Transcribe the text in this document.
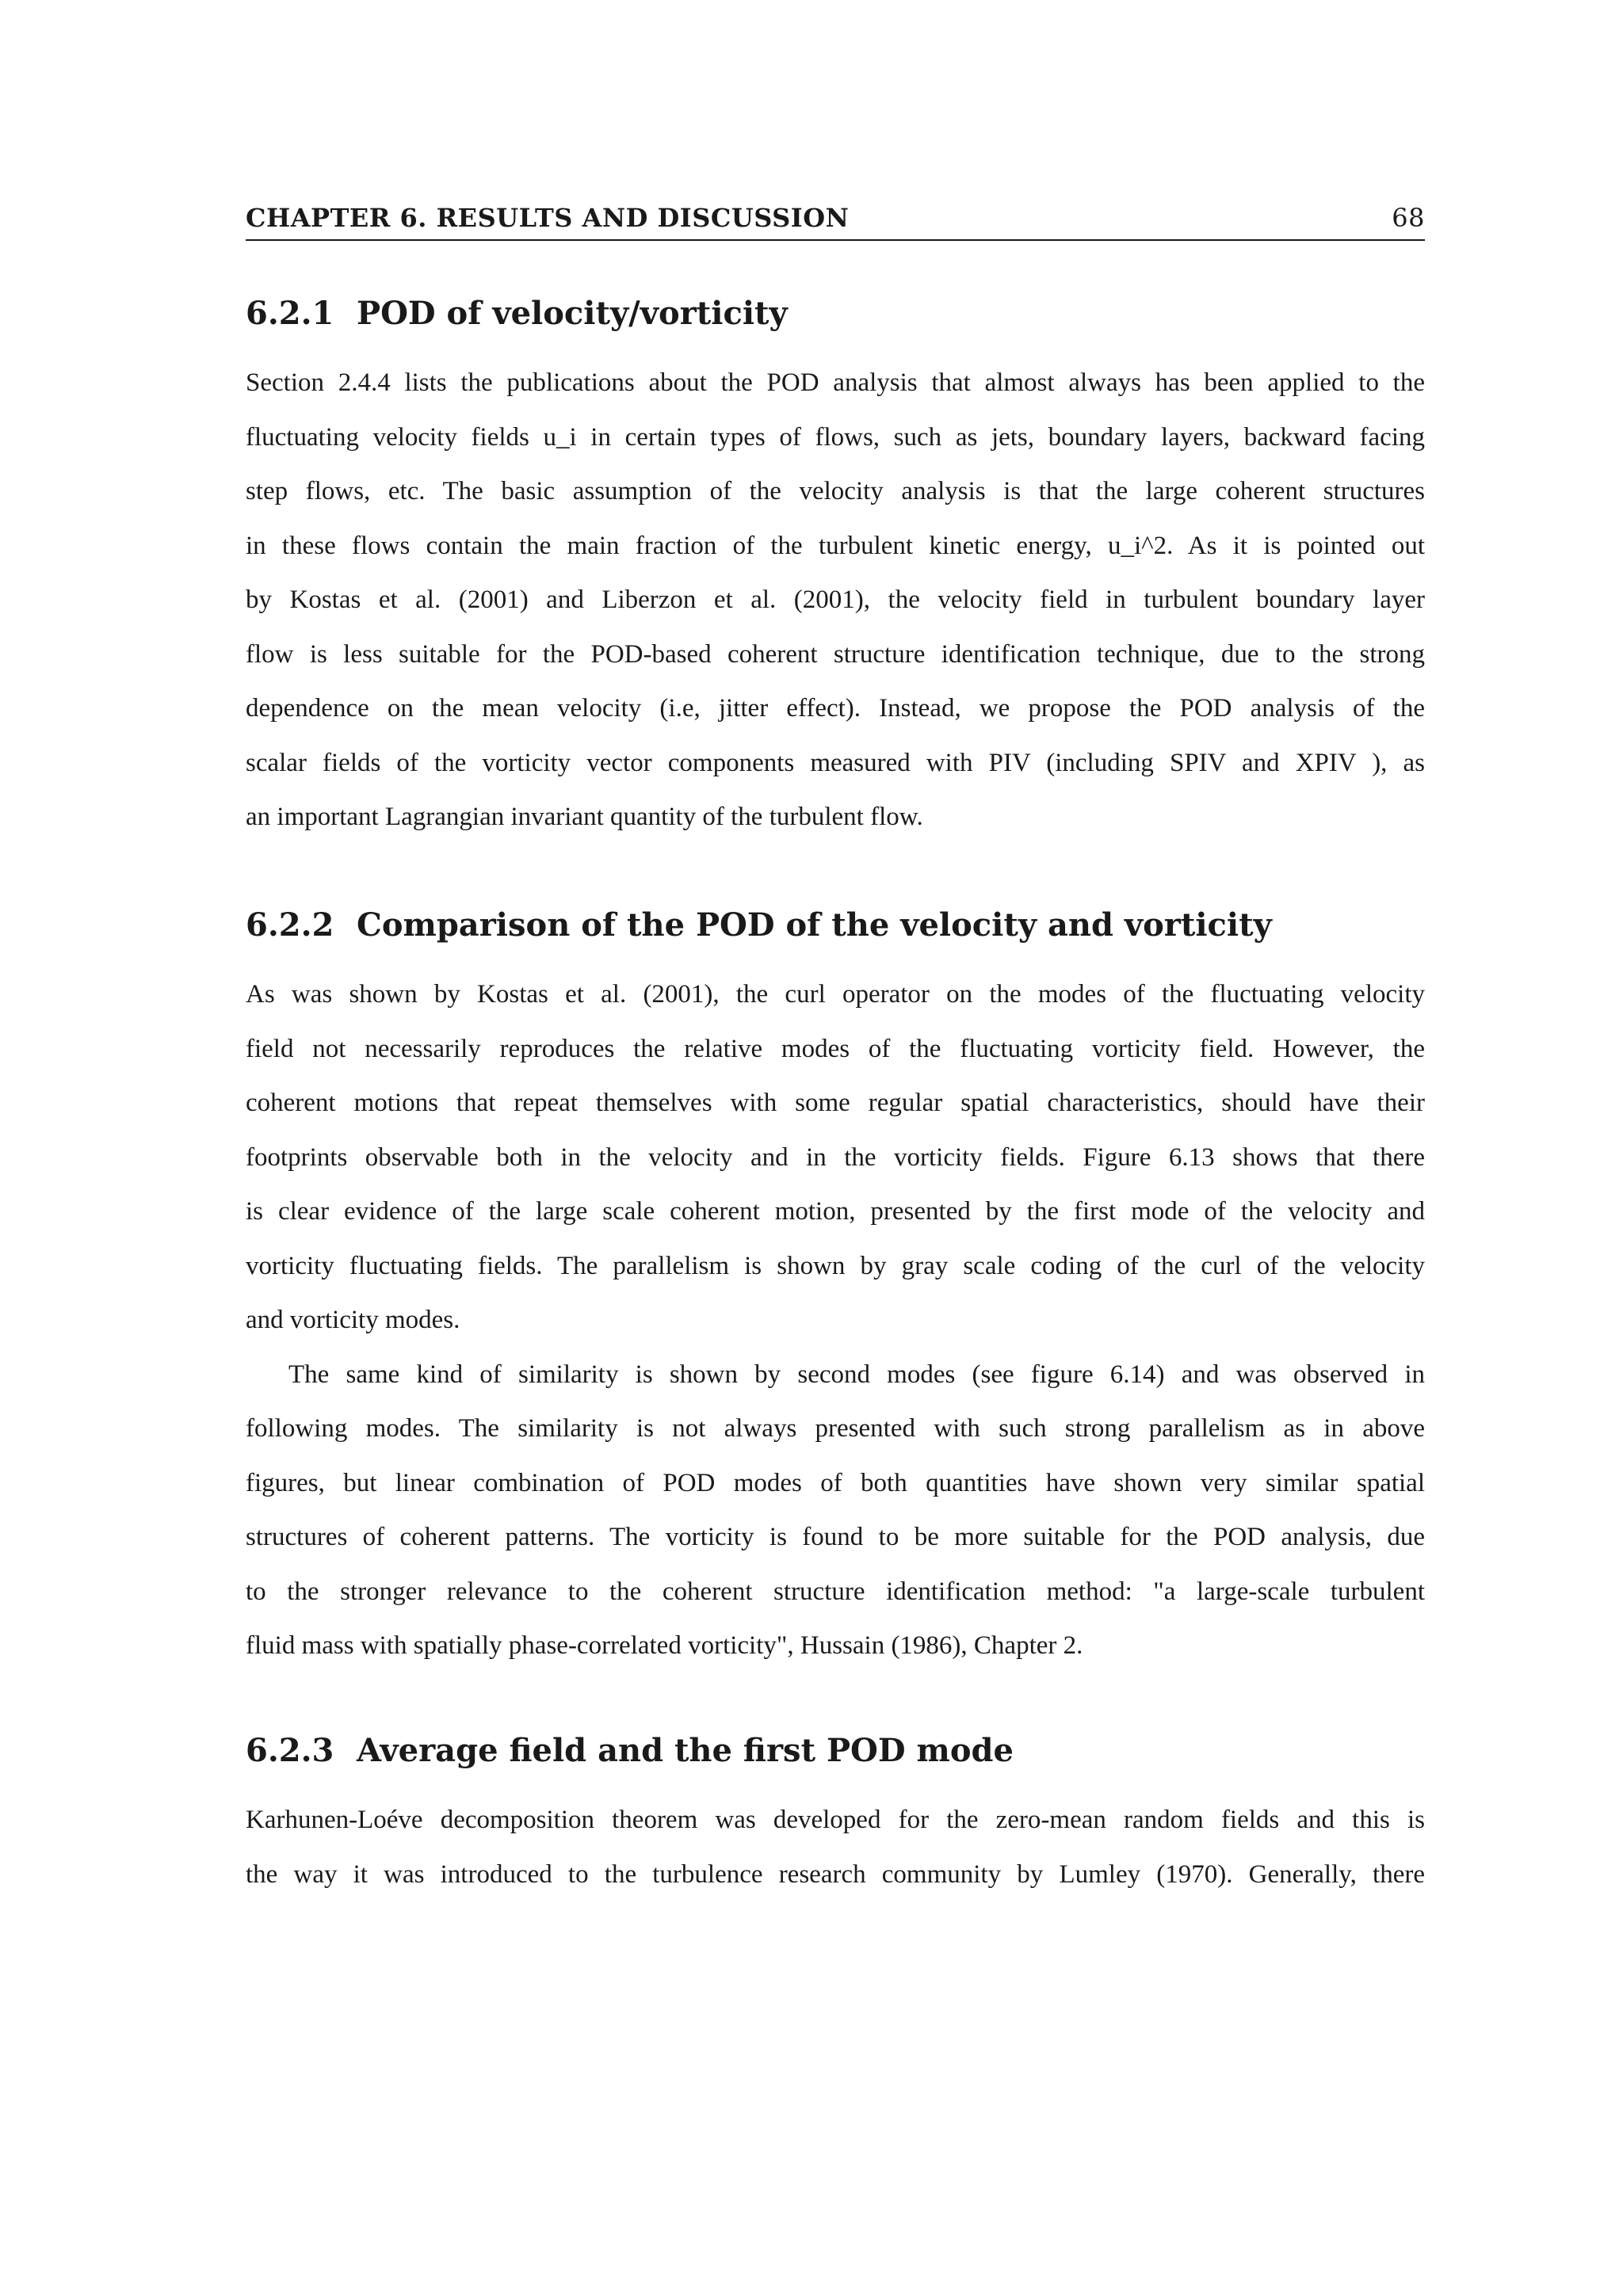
CHAPTER 6. RESULTS AND DISCUSSION	68
6.2.1 POD of velocity/vorticity
Section 2.4.4 lists the publications about the POD analysis that almost always has been applied to the
fluctuating velocity fields u_i in certain types of flows, such as jets, boundary layers, backward facing
step flows, etc. The basic assumption of the velocity analysis is that the large coherent structures
in these flows contain the main fraction of the turbulent kinetic energy, u_i^2. As it is pointed out
by Kostas et al. (2001) and Liberzon et al. (2001), the velocity field in turbulent boundary layer
flow is less suitable for the POD-based coherent structure identification technique, due to the strong
dependence on the mean velocity (i.e, jitter effect). Instead, we propose the POD analysis of the
scalar fields of the vorticity vector components measured with PIV (including SPIV and XPIV ), as
an important Lagrangian invariant quantity of the turbulent flow.
6.2.2 Comparison of the POD of the velocity and vorticity
As was shown by Kostas et al. (2001), the curl operator on the modes of the fluctuating velocity
field not necessarily reproduces the relative modes of the fluctuating vorticity field. However, the
coherent motions that repeat themselves with some regular spatial characteristics, should have their
footprints observable both in the velocity and in the vorticity fields. Figure 6.13 shows that there
is clear evidence of the large scale coherent motion, presented by the first mode of the velocity and
vorticity fluctuating fields. The parallelism is shown by gray scale coding of the curl of the velocity
and vorticity modes.
The same kind of similarity is shown by second modes (see figure 6.14) and was observed in
following modes. The similarity is not always presented with such strong parallelism as in above
figures, but linear combination of POD modes of both quantities have shown very similar spatial
structures of coherent patterns. The vorticity is found to be more suitable for the POD analysis, due
to the stronger relevance to the coherent structure identification method: "a large-scale turbulent
fluid mass with spatially phase-correlated vorticity", Hussain (1986), Chapter 2.
6.2.3 Average field and the first POD mode
Karhunen-Loéve decomposition theorem was developed for the zero-mean random fields and this is
the way it was introduced to the turbulence research community by Lumley (1970). Generally, there
